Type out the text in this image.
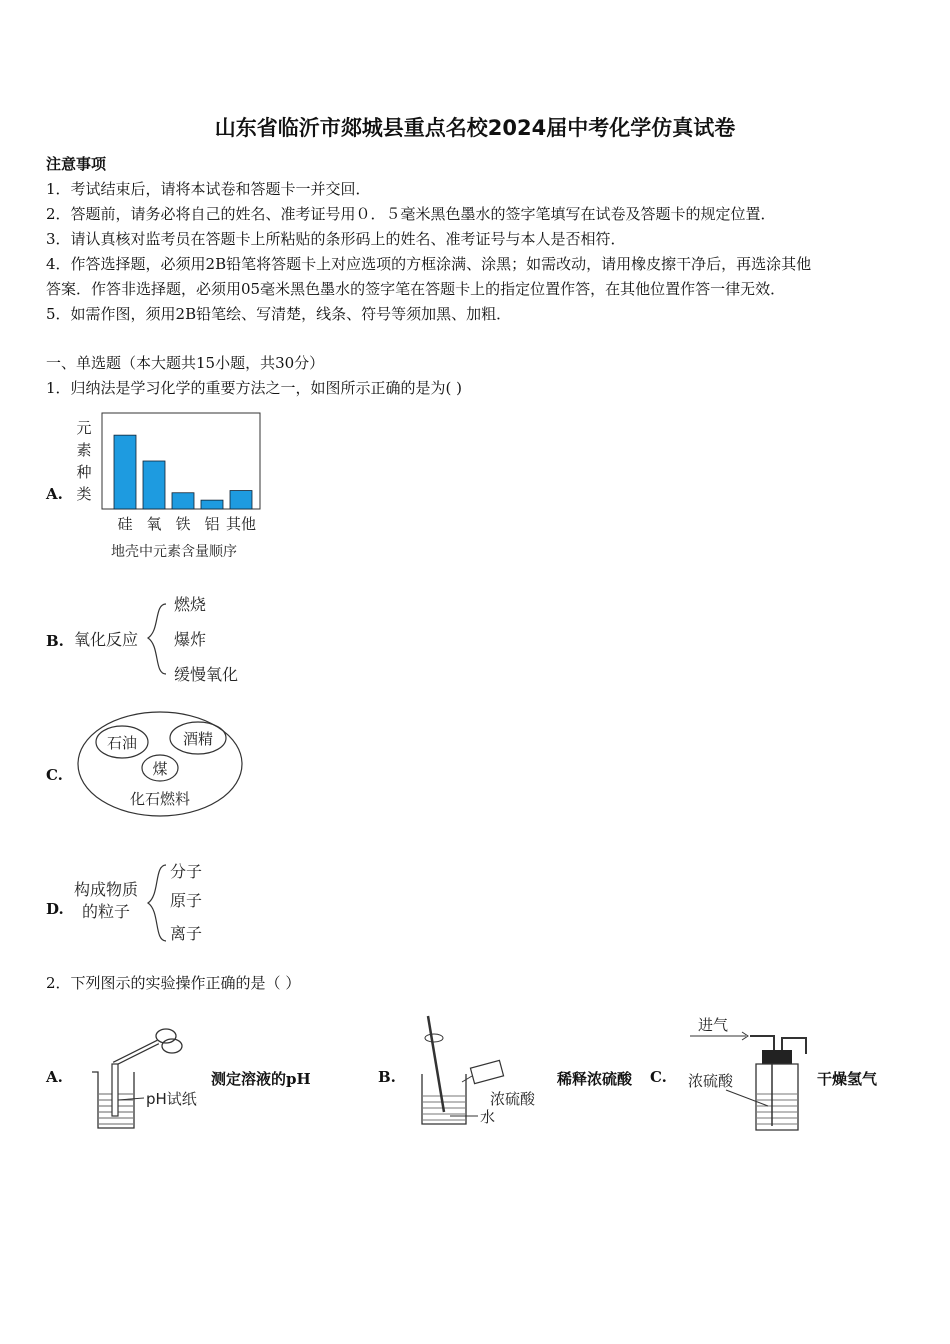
山东省临沂市郯城县重点名校2024届中考化学仿真试卷
注意事项
1．考试结束后，请将本试卷和答题卡一并交回．
2．答题前，请务必将自己的姓名、准考证号用０．５毫米黑色墨水的签字笔填写在试卷及答题卡的规定位置．
3．请认真核对监考员在答题卡上所粘贴的条形码上的姓名、准考证号与本人是否相符．
4．作答选择题，必须用2B铅笔将答题卡上对应选项的方框涂满、涂黑；如需改动，请用橡皮擦干净后，再选涂其他
答案．作答非选择题，必须用05毫米黑色墨水的签字笔在答题卡上的指定位置作答，在其他位置作答一律无效．
5．如需作图，须用2B铅笔绘、写清楚，线条、符号等须加黑、加粗．
一、单选题（本大题共15小题，共30分）
1．归纳法是学习化学的重要方法之一，如图所示正确的是为( )
A.
元
素
种
类
硅 氧 铁 铝 其他
地壳中元素含量顺序
B. 氧化反应
燃烧
爆炸
缓慢氧化
C.
石油	酒精
煤
化石燃料
D.
构成物质
的粒子
分子
原子
离子
2．下列图示的实验操作正确的是（ ）
A.
pH试纸
测定溶液的pH	B.
水
浓硫酸
稀释浓硫酸 C.
进气
浓硫酸	干燥氢气
